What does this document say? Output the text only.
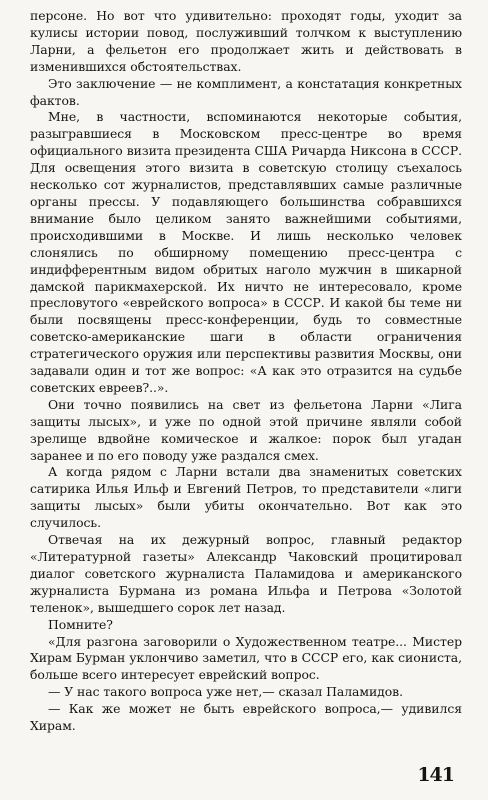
персоне. Но вот что удивительно: проходят годы, уходит за кулисы истории повод, послуживший толчком к выступлению Ларни, а фельетон его продолжает жить и действовать в изменившихся обстоятельствах.

Это заключение — не комплимент, а констатация конкретных фактов.

Мне, в частности, вспоминаются некоторые события, разыгравшиеся в Московском пресс-центре во время официального визита президента США Ричарда Никсона в СССР. Для освещения этого визита в советскую столицу съехалось несколько сот журналистов, представлявших самые различные органы прессы. У подавляющего большинства собравшихся внимание было целиком занято важнейшими событиями, происходившими в Москве. И лишь несколько человек слонялись по обширному помещению пресс-центра с индифферентным видом обритых наголо мужчин в шикарной дамской парикмахерской. Их ничто не интересовало, кроме пресловутого «еврейского вопроса» в СССР. И какой бы теме ни были посвящены пресс-конференции, будь то совместные советско-американские шаги в области ограничения стратегического оружия или перспективы развития Москвы, они задавали один и тот же вопрос: «А как это отразится на судьбе советских евреев?..».

Они точно появились на свет из фельетона Ларни «Лига защиты лысых», и уже по одной этой причине являли собой зрелище вдвойне комическое и жалкое: порок был угадан заранее и по его поводу уже раздался смех.

А когда рядом с Ларни встали два знаменитых советских сатирика Илья Ильф и Евгений Петров, то представители «лиги защиты лысых» были убиты окончательно. Вот как это случилось.

Отвечая на их дежурный вопрос, главный редактор «Литературной газеты» Александр Чаковский процитировал диалог советского журналиста Паламидова и американского журналиста Бурмана из романа Ильфа и Петрова «Золотой теленок», вышедшего сорок лет назад.

Помните?

«Для разгона заговорили о Художественном театре... Мистер Хирам Бурман уклончиво заметил, что в СССР его, как сиониста, больше всего интересует еврейский вопрос.

— У нас такого вопроса уже нет,— сказал Паламидов.

— Как же может не быть еврейского вопроса,— удивился Хирам.

141
